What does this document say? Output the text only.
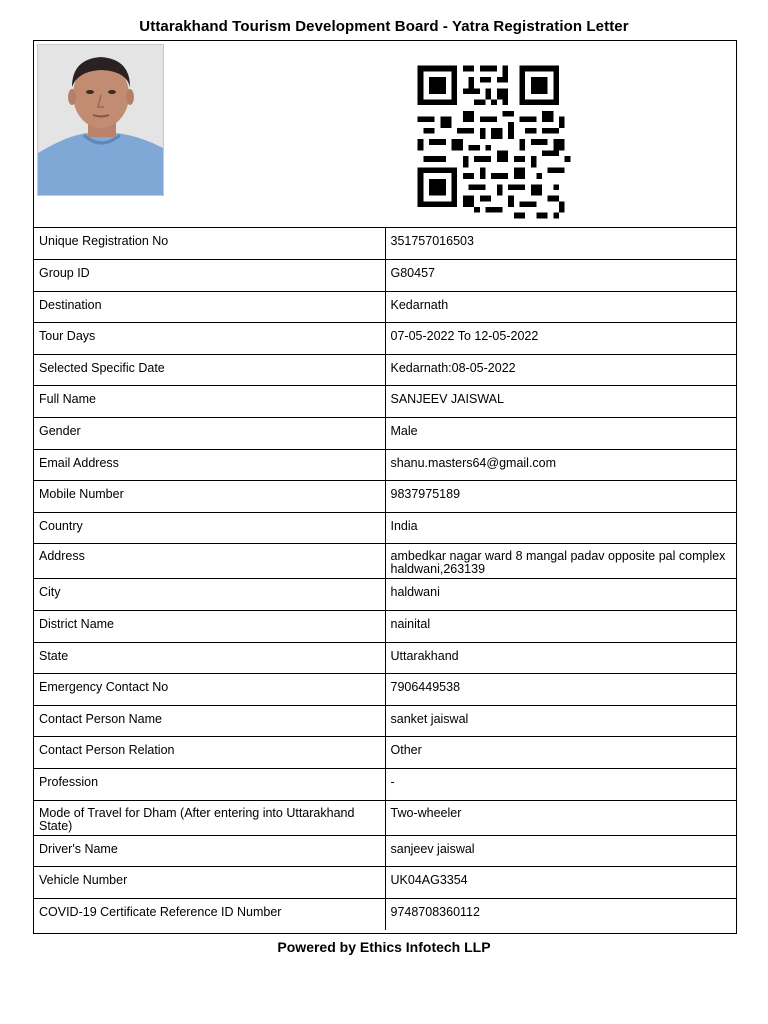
Uttarakhand Tourism Development Board - Yatra Registration Letter
Unique Registration No	351757016503
Group ID	G80457
Destination	Kedarnath
Tour Days	07-05-2022 To 12-05-2022
Selected Specific Date	Kedarnath:08-05-2022
Full Name	SANJEEV JAISWAL
Gender	Male
Email Address	shanu.masters64@gmail.com
Mobile Number	9837975189
Country	India
Address	ambedkar nagar ward 8 mangal padav opposite pal complex haldwani,263139
City	haldwani
District Name	nainital
State	Uttarakhand
Emergency Contact No	7906449538
Contact Person Name	sanket jaiswal
Contact Person Relation	Other
Profession	-
Mode of Travel for Dham (After entering into Uttarakhand State)	Two-wheeler
Driver's Name	sanjeev jaiswal
Vehicle Number	UK04AG3354
COVID-19 Certificate Reference ID Number	9748708360112
Powered by Ethics Infotech LLP
